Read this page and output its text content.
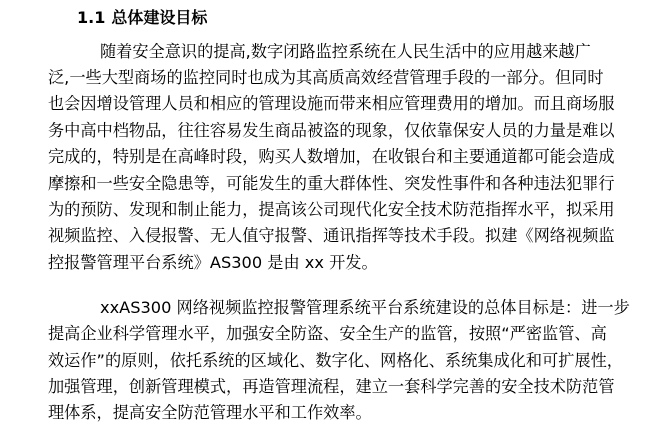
1.1 总体建设目标
随着安全意识的提高,数字闭路监控系统在人民生活中的应用越来越广
泛,一些大型商场的监控同时也成为其高质高效经营管理手段的一部分。但同时
也会因增设管理人员和相应的管理设施而带来相应管理费用的增加。而且商场服
务中高中档物品，往往容易发生商品被盗的现象，仅依靠保安人员的力量是难以
完成的，特别是在高峰时段，购买人数增加，在收银台和主要通道都可能会造成
摩擦和一些安全隐患等，可能发生的重大群体性、突发性事件和各种违法犯罪行
为的预防、发现和制止能力，提高该公司现代化安全技术防范指挥水平，拟采用
视频监控、入侵报警、无人值守报警、通讯指挥等技术手段。拟建《网络视频监
控报警管理平台系统》AS300 是由 xx 开发。
xxAS300 网络视频监控报警管理系统平台系统建设的总体目标是：进一步
提高企业科学管理水平，加强安全防盗、安全生产的监管，按照“严密监管、高
效运作”的原则，依托系统的区域化、数字化、网格化、系统集成化和可扩展性，
加强管理，创新管理模式，再造管理流程，建立一套科学完善的安全技术防范管
理体系，提高安全防范管理水平和工作效率。
